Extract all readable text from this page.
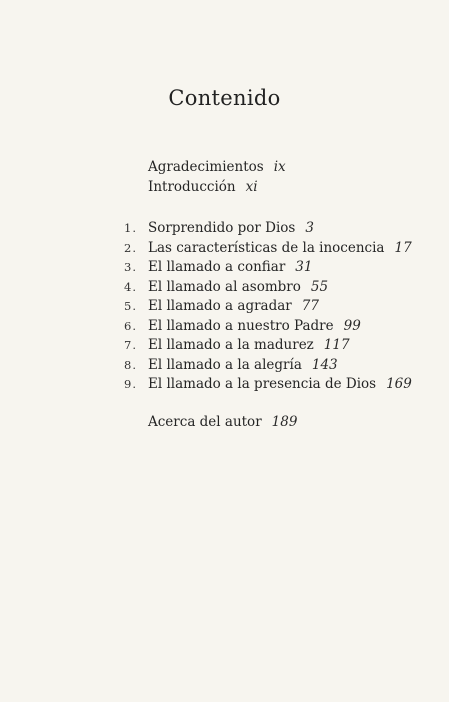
Contenido
Agradecimientos ix
Introducción xi
1. Sorprendido por Dios 3
2. Las características de la inocencia 17
3. El llamado a confiar 31
4. El llamado al asombro 55
5. El llamado a agradar 77
6. El llamado a nuestro Padre 99
7. El llamado a la madurez 117
8. El llamado a la alegría 143
9. El llamado a la presencia de Dios 169
Acerca del autor 189
